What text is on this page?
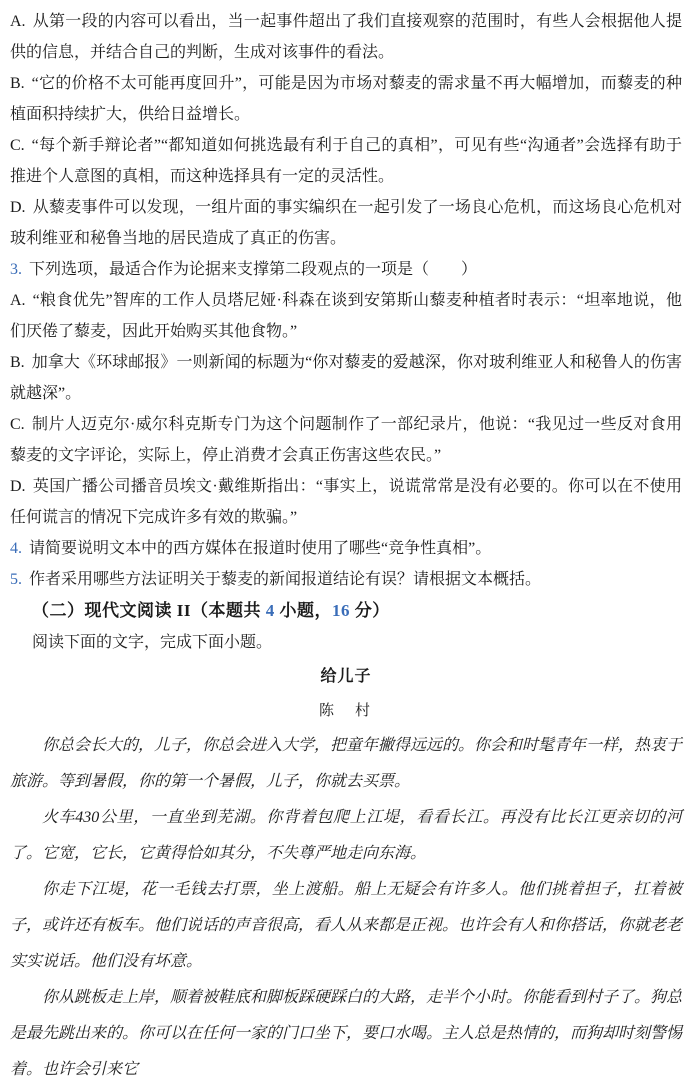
A. 从第一段的内容可以看出，当一起事件超出了我们直接观察的范围时，有些人会根据他人提供的信息，并结合自己的判断，生成对该事件的看法。

B. “它的价格不太可能再度回升”，可能是因为市场对藜麦的需求量不再大幅增加，而藜麦的种植面积持续扩大，供给日益增长。

C. “每个新手辩论者”“都知道如何挑选最有利于自己的真相”，可见有些“沟通者”会选择有助于推进个人意图的真相，而这种选择具有一定的灵活性。

D. 从藜麦事件可以发现，一组片面的事实编织在一起引发了一场良心危机，而这场良心危机对玻利维亚和秘鲁当地的居民造成了真正的伤害。

3. 下列选项，最适合作为论据来支撑第二段观点的一项是（　　）

A. “粮食优先”智库的工作人员塔尼娅·科森在谈到安第斯山藜麦种植者时表示：“坦率地说，他们厌倦了藜麦，因此开始购买其他食物。”

B. 加拿大《环球邮报》一则新闻的标题为“你对藜麦的爱越深，你对玻利维亚人和秘鲁人的伤害就越深”。

C. 制片人迈克尔·威尔科克斯专门为这个问题制作了一部纪录片，他说：“我见过一些反对食用藜麦的文字评论，实际上，停止消费才会真正伤害这些农民。”

D. 英国广播公司播音员埃文·戴维斯指出：“事实上，说谎常常是没有必要的。你可以在不使用任何谎言的情况下完成许多有效的欺骗。”

4. 请简要说明文本中的西方媒体在报道时使用了哪些“竞争性真相”。

5. 作者采用哪些方法证明关于藜麦的新闻报道结论有误？请根据文本概括。

（二）现代文阅读 II（本题共 4 小题，16 分）

阅读下面的文字，完成下面小题。

给儿子

陈　村

你总会长大的，儿子，你总会进入大学，把童年撇得远远的。你会和时髦青年一样，热衷于旅游。等到暑假，你的第一个暑假，儿子，你就去买票。

火车430公里，一直坐到芜湖。你背着包爬上江堤，看看长江。再没有比长江更亲切的河了。它宽，它长，它黄得恰如其分，不失尊严地走向东海。

你走下江堤，花一毛钱去打票，坐上渡船。船上无疑会有许多人。他们挑着担子，扛着被子，或许还有板车。他们说话的声音很高，看人从来都是正视。也许会有人和你搭话，你就老老实实说话。他们没有坏意。

你从跳板走上岸，顺着被鞋底和脚板踩硬踩白的大路，走半个小时。你能看到村子了。狗总是最先跳出来的。你可以在任何一家的门口坐下，要口水喝。主人总是热情的，而狗却时刻警惕着。也许会引来它
